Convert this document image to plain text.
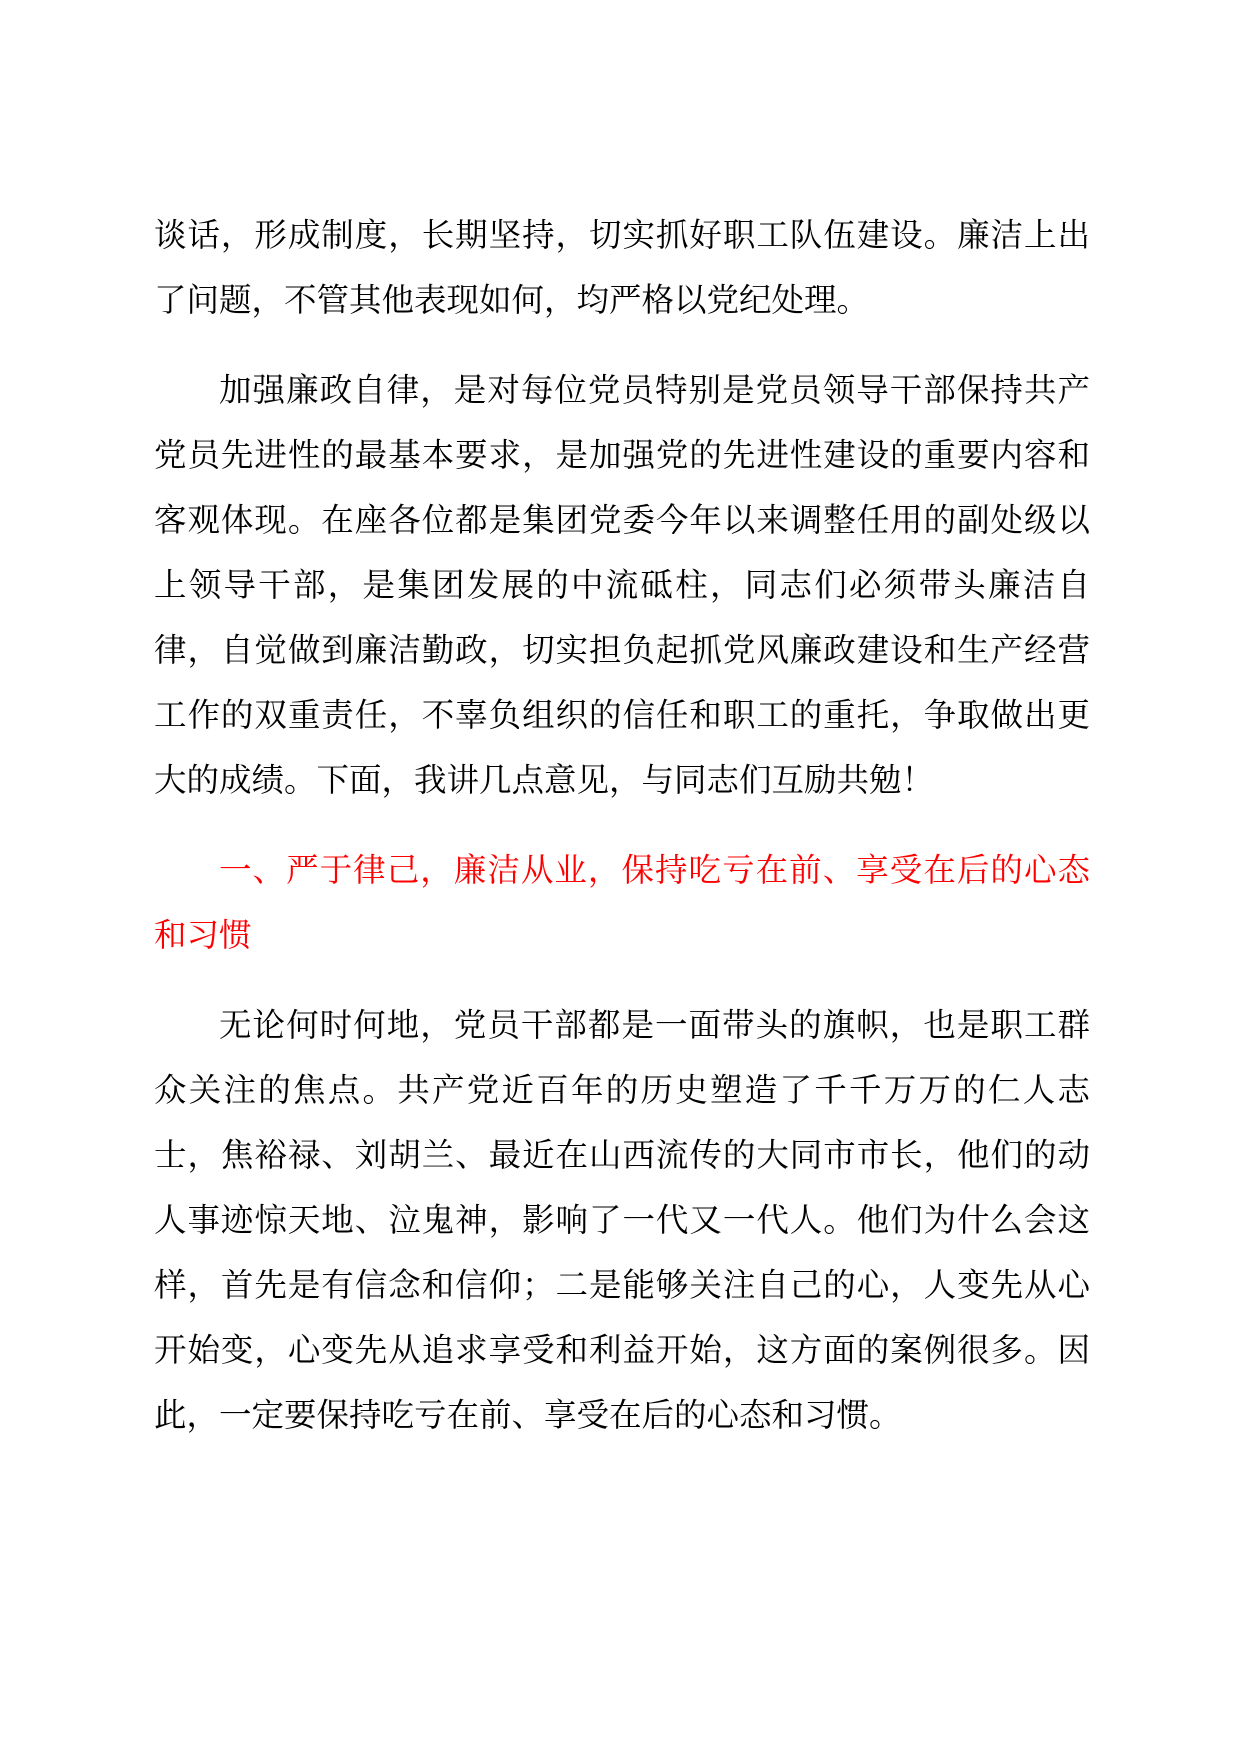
谈话，形成制度，长期坚持，切实抓好职工队伍建设。廉洁上出了问题，不管其他表现如何，均严格以党纪处理。

加强廉政自律，是对每位党员特别是党员领导干部保持共产党员先进性的最基本要求，是加强党的先进性建设的重要内容和客观体现。在座各位都是集团党委今年以来调整任用的副处级以上领导干部，是集团发展的中流砥柱，同志们必须带头廉洁自律，自觉做到廉洁勤政，切实担负起抓党风廉政建设和生产经营工作的双重责任，不辜负组织的信任和职工的重托，争取做出更大的成绩。下面，我讲几点意见，与同志们互励共勉！

一、严于律己，廉洁从业，保持吃亏在前、享受在后的心态和习惯

无论何时何地，党员干部都是一面带头的旗帜，也是职工群众关注的焦点。共产党近百年的历史塑造了千千万万的仁人志士，焦裕禄、刘胡兰、最近在山西流传的大同市市长，他们的动人事迹惊天地、泣鬼神，影响了一代又一代人。他们为什么会这样，首先是有信念和信仰；二是能够关注自己的心，人变先从心开始变，心变先从追求享受和利益开始，这方面的案例很多。因此，一定要保持吃亏在前、享受在后的心态和习惯。
